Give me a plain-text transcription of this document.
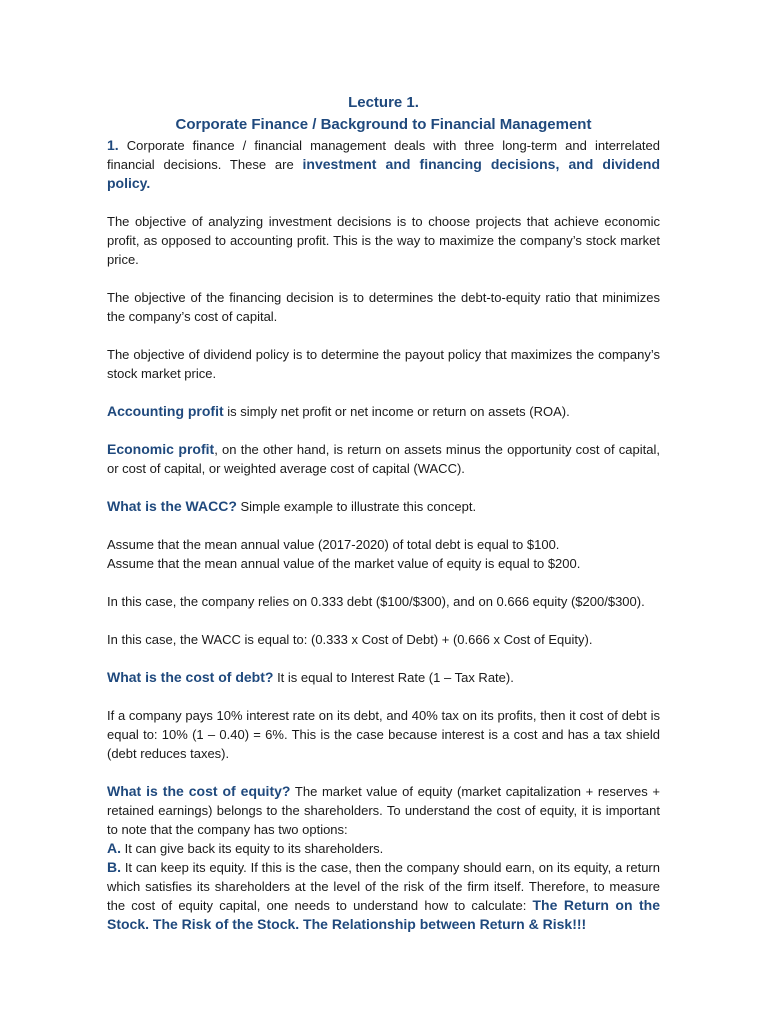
Lecture 1.
Corporate Finance / Background to Financial Management

1. Corporate finance / financial management deals with three long-term and interrelated financial decisions. These are investment and financing decisions, and dividend policy.

The objective of analyzing investment decisions is to choose projects that achieve economic profit, as opposed to accounting profit. This is the way to maximize the company’s stock market price.

The objective of the financing decision is to determines the debt-to-equity ratio that minimizes the company’s cost of capital.

The objective of dividend policy is to determine the payout policy that maximizes the company’s stock market price.

Accounting profit is simply net profit or net income or return on assets (ROA).

Economic profit, on the other hand, is return on assets minus the opportunity cost of capital, or cost of capital, or weighted average cost of capital (WACC).

What is the WACC? Simple example to illustrate this concept.

Assume that the mean annual value (2017-2020) of total debt is equal to $100.
Assume that the mean annual value of the market value of equity is equal to $200.

In this case, the company relies on 0.333 debt ($100/$300), and on 0.666 equity ($200/$300).

In this case, the WACC is equal to: (0.333 x Cost of Debt) + (0.666 x Cost of Equity).

What is the cost of debt? It is equal to Interest Rate (1 – Tax Rate).

If a company pays 10% interest rate on its debt, and 40% tax on its profits, then it cost of debt is equal to: 10% (1 – 0.40) = 6%. This is the case because interest is a cost and has a tax shield (debt reduces taxes).

What is the cost of equity? The market value of equity (market capitalization + reserves + retained earnings) belongs to the shareholders. To understand the cost of equity, it is important to note that the company has two options:
A. It can give back its equity to its shareholders.
B. It can keep its equity. If this is the case, then the company should earn, on its equity, a return which satisfies its shareholders at the level of the risk of the firm itself. Therefore, to measure the cost of equity capital, one needs to understand how to calculate: The Return on the Stock. The Risk of the Stock. The Relationship between Return & Risk!!!
